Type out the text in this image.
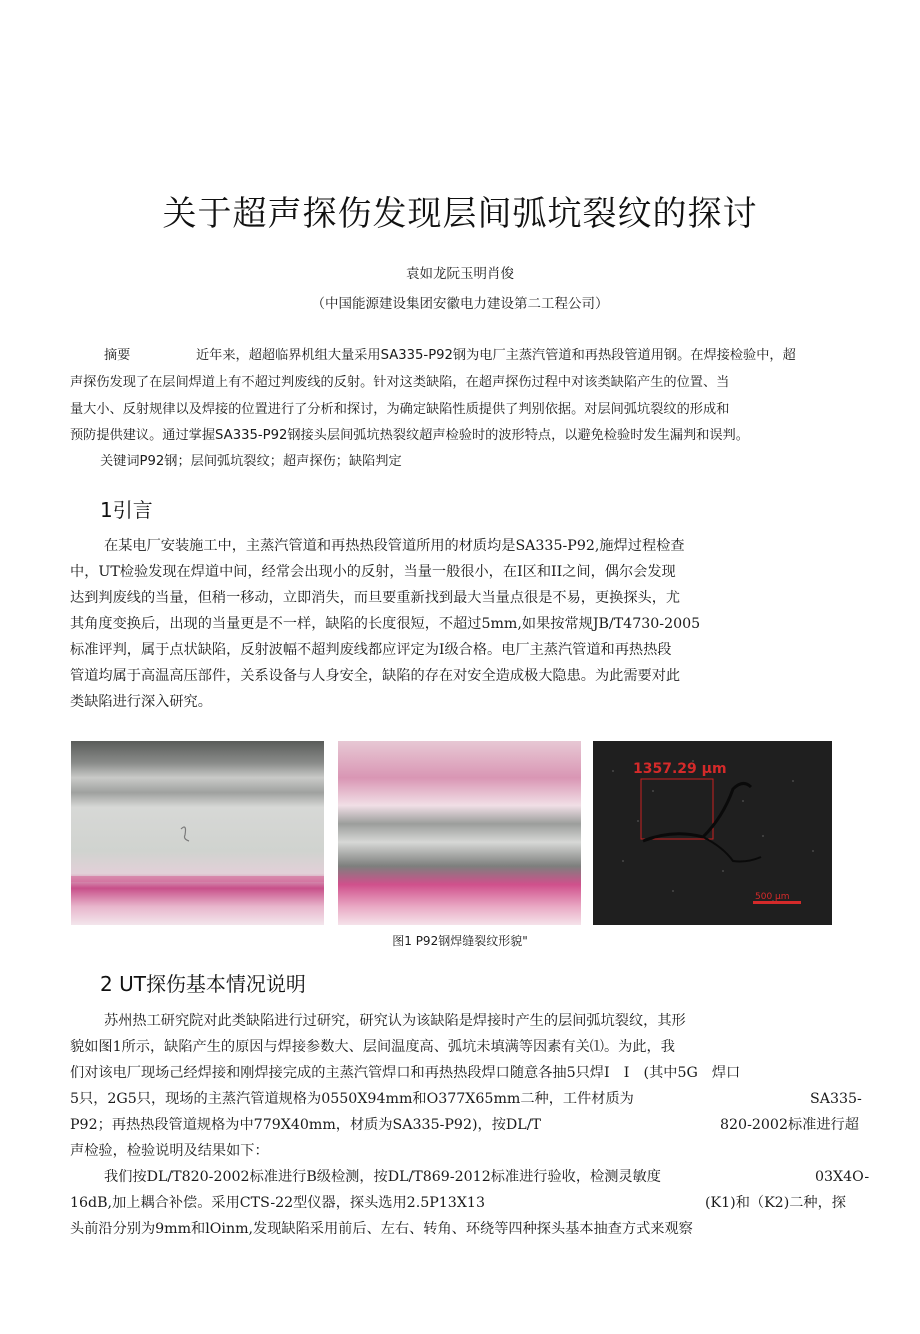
关于超声探伤发现层间弧坑裂纹的探讨
袁如龙阮玉明肖俊
（中国能源建设集团安徽电力建设第二工程公司）
摘要	近年来，超超临界机组大量采用SA335-P92钢为电厂主蒸汽管道和再热段管道用钢。在焊接检验中，超
声探伤发现了在层间焊道上有不超过判废线的反射。针对这类缺陷，在超声探伤过程中对该类缺陷产生的位置、当
量大小、反射规律以及焊接的位置进行了分析和探讨，为确定缺陷性质提供了判别依据。对层间弧坑裂纹的形成和
预防提供建议。通过掌握SA335-P92钢接头层间弧坑热裂纹超声检验时的波形特点，以避免检验时发生漏判和误判。
关键词P92钢；层间弧坑裂纹；超声探伤；缺陷判定
1引言
在某电厂安装施工中，主蒸汽管道和再热热段管道所用的材质均是SA335-P92,施焊过程检查
中，UT检验发现在焊道中间，经常会出现小的反射，当量一般很小，在I区和II之间，偶尔会发现
达到判废线的当量，但稍一移动，立即消失，而旦要重新找到最大当量点很是不易，更换探头，尤
其角度变换后，出现的当量更是不一样，缺陷的长度很短，不超过5mm,如果按常规JB/T4730-2005
标准评判，属于点状缺陷，反射波幅不超判废线都应评定为I级合格。电厂主蒸汽管道和再热热段
管道均属于高温高压部件，关系设备与人身安全，缺陷的存在对安全造成极大隐患。为此需要对此
类缺陷进行深入研究。
1357.29 µm
500 µm
图1 P92钢焊缝裂纹形貌"
2 UT探伤基本情况说明
苏州热工研究院对此类缺陷进行过研究，研究认为该缺陷是焊接时产生的层间弧坑裂纹，其形
貌如图1所示，缺陷产生的原因与焊接参数大、层间温度高、弧坑未填满等因素有关⑴。为此，我
们对该电厂现场己经焊接和刚焊接完成的主蒸汽管焊口和再热热段焊口随意各抽5只焊I　I　(其中5G 焊口
5只，2G5只，现场的主蒸汽管道规格为0550X94mm和O377X65mm二种，工件材质为	SA335-
P92；再热热段管道规格为中779X40mm，材质为SA335-P92)，按DL/T	820-2002标准进行超
声检验，检验说明及结果如下：
我们按DL/T820-2002标准进行B级检测，按DL/T869-2012标准进行验收，检测灵敏度	03X4O-
16dB,加上耦合补偿。采用CTS-22型仪器，探头选用2.5P13X13	(K1)和（K2)二种，探
头前沿分别为9mm和lOinm,发现缺陷采用前后、左右、转角、环绕等四种探头基本抽查方式来观察
